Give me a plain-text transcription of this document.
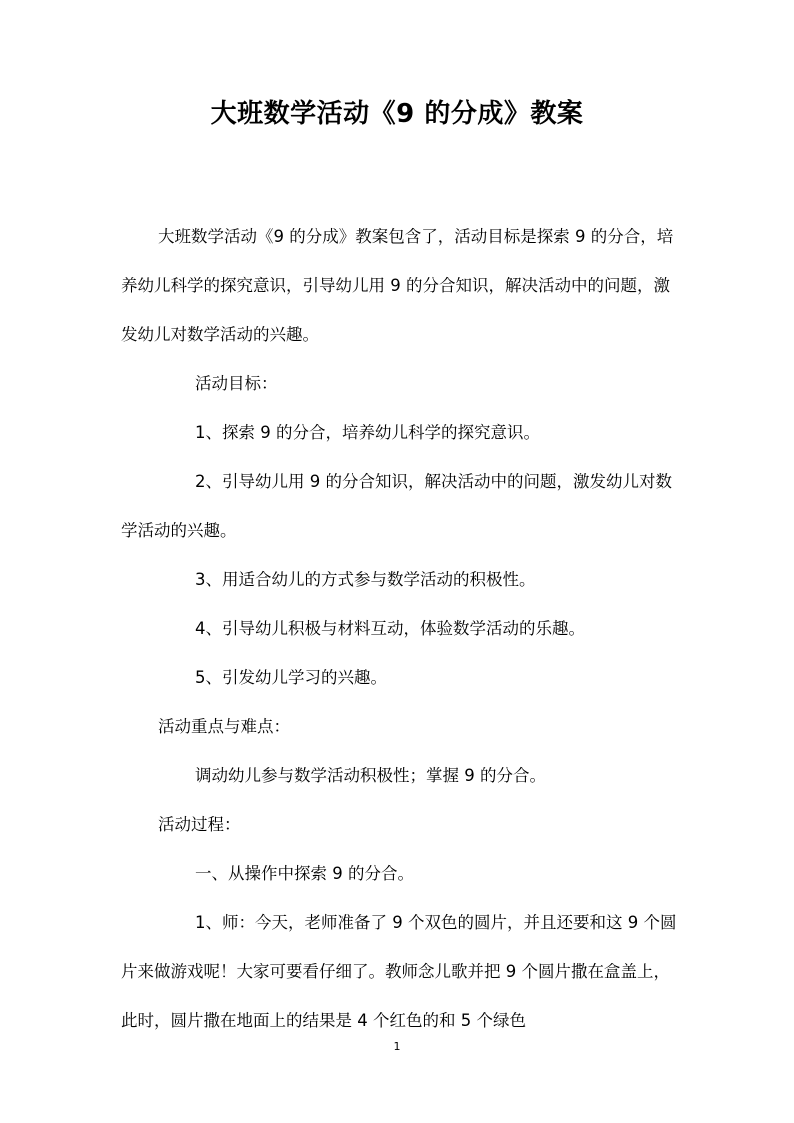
大班数学活动《9 的分成》教案

大班数学活动《9 的分成》教案包含了，活动目标是探索 9 的分合，培养幼儿科学的探究意识，引导幼儿用 9 的分合知识，解决活动中的问题，激发幼儿对数学活动的兴趣。

活动目标：

1、探索 9 的分合，培养幼儿科学的探究意识。

2、引导幼儿用 9 的分合知识，解决活动中的问题，激发幼儿对数学活动的兴趣。

3、用适合幼儿的方式参与数学活动的积极性。

4、引导幼儿积极与材料互动，体验数学活动的乐趣。

5、引发幼儿学习的兴趣。

活动重点与难点：

调动幼儿参与数学活动积极性；掌握 9 的分合。

活动过程：

一、从操作中探索 9 的分合。

1、师：今天，老师准备了 9 个双色的圆片，并且还要和这 9 个圆片来做游戏呢！大家可要看仔细了。教师念儿歌并把 9 个圆片撒在盒盖上，此时，圆片撒在地面上的结果是 4 个红色的和 5 个绿色

1
